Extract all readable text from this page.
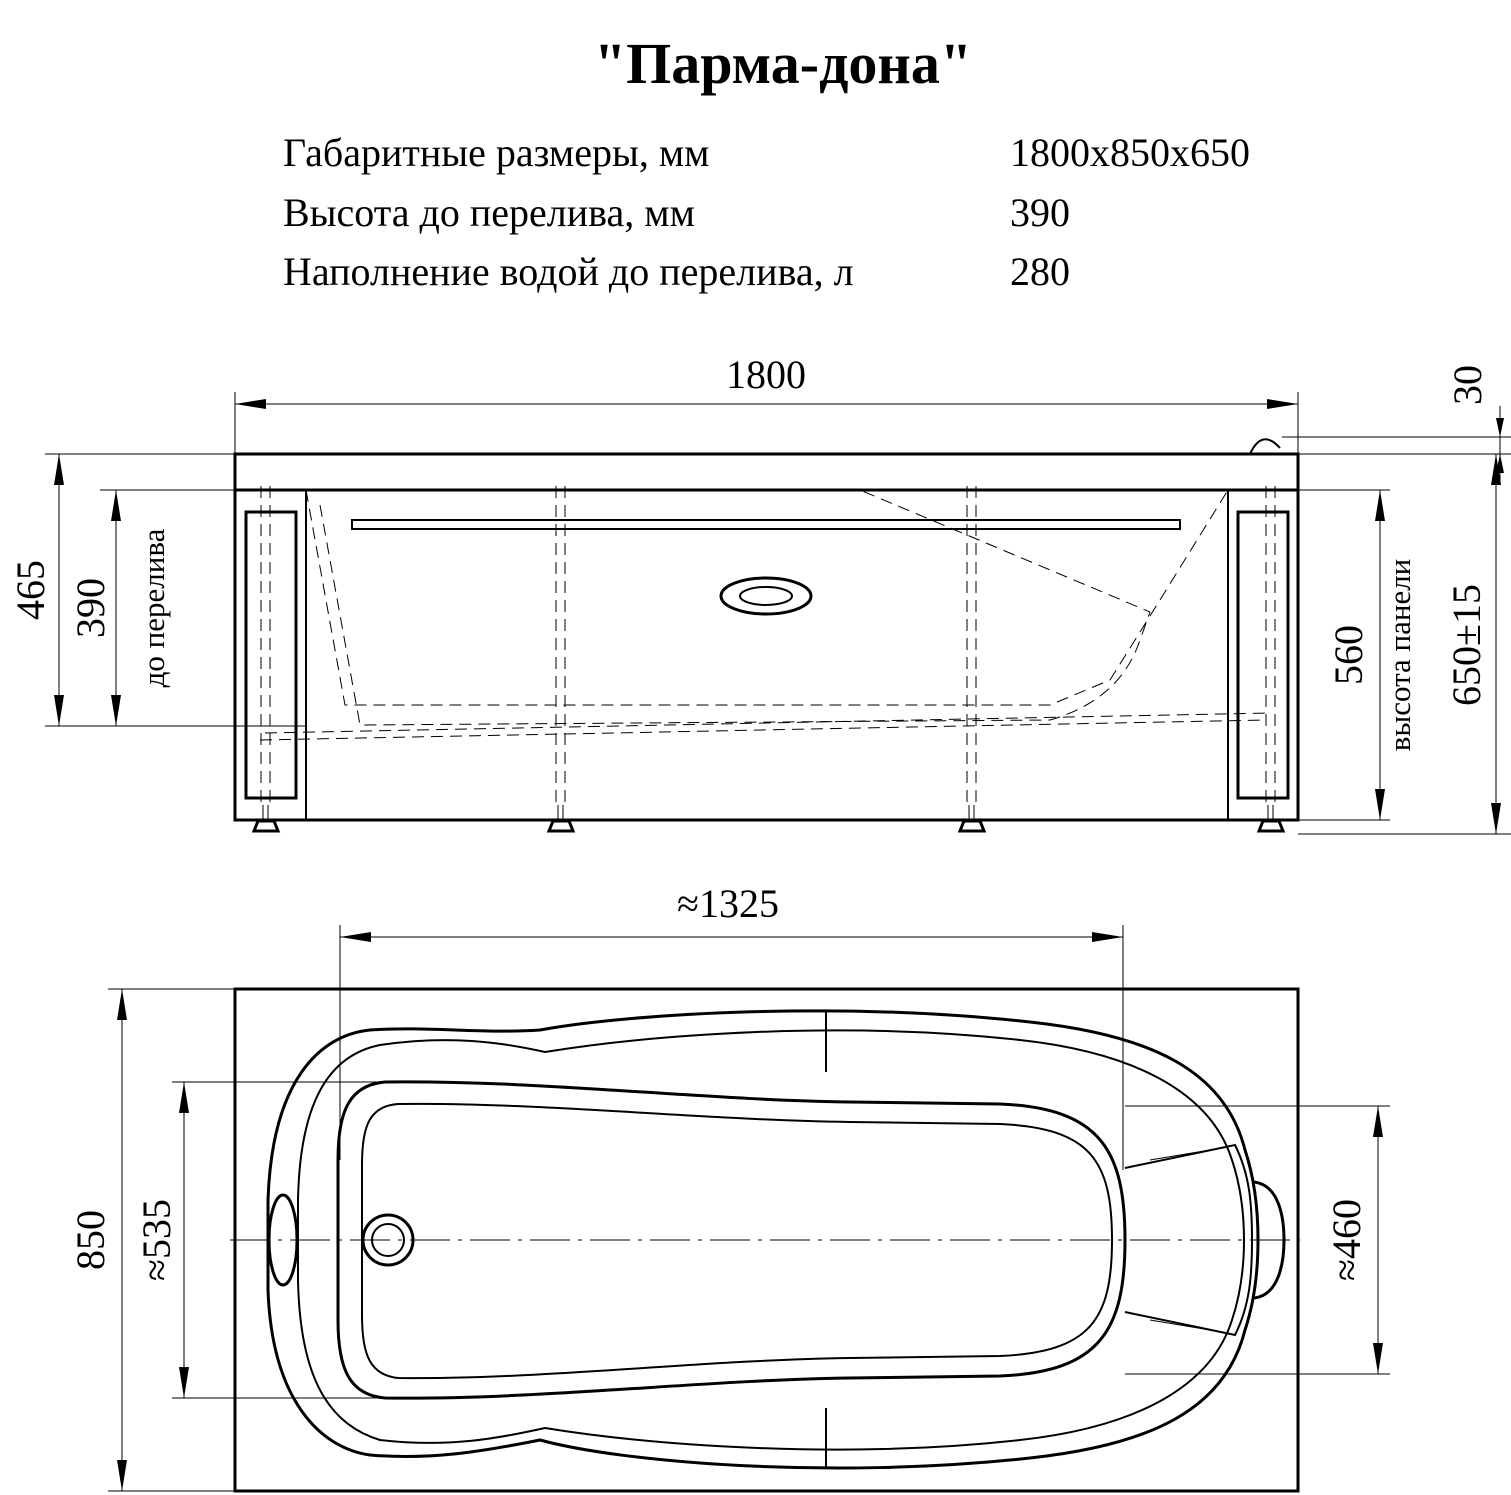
"Парма-дона"
Габаритные размеры, мм	1800x850x650
Высота до перелива, мм	390
Наполнение водой до перелива, л	280
1800	30
465 390 до перелива	560 высота панели 650±15
≈1325
850 ≈535	≈460
